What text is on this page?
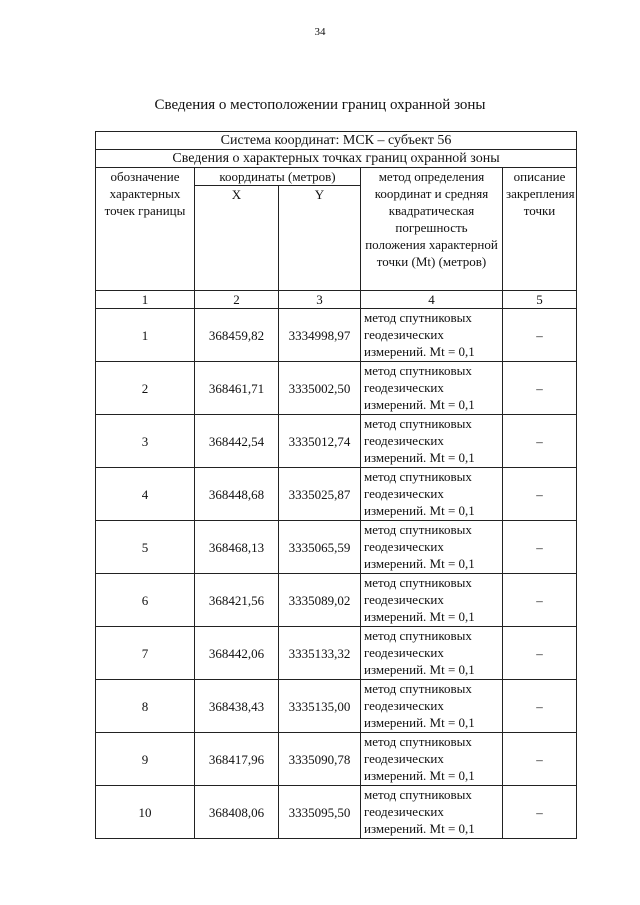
34
Сведения о местоположении границ охранной зоны
Система координат: МСК – субъект 56				
Сведения о характерных точках границ охранной зоны				
обозначение характерных точек границы	координаты (метров)		метод определения координат и средняя квадратическая погрешность положения характерной точки (Mt) (метров)	описание закрепления точки
	X	Y		
1	2	3	4	5
1	368459,82	3334998,97	метод спутниковых геодезических измерений. Mt = 0,1	–
2	368461,71	3335002,50	метод спутниковых геодезических измерений. Mt = 0,1	–
3	368442,54	3335012,74	метод спутниковых геодезических измерений. Mt = 0,1	–
4	368448,68	3335025,87	метод спутниковых геодезических измерений. Mt = 0,1	–
5	368468,13	3335065,59	метод спутниковых геодезических измерений. Mt = 0,1	–
6	368421,56	3335089,02	метод спутниковых геодезических измерений. Mt = 0,1	–
7	368442,06	3335133,32	метод спутниковых геодезических измерений. Mt = 0,1	–
8	368438,43	3335135,00	метод спутниковых геодезических измерений. Mt = 0,1	–
9	368417,96	3335090,78	метод спутниковых геодезических измерений. Mt = 0,1	–
10	368408,06	3335095,50	метод спутниковых геодезических измерений. Mt = 0,1	–
